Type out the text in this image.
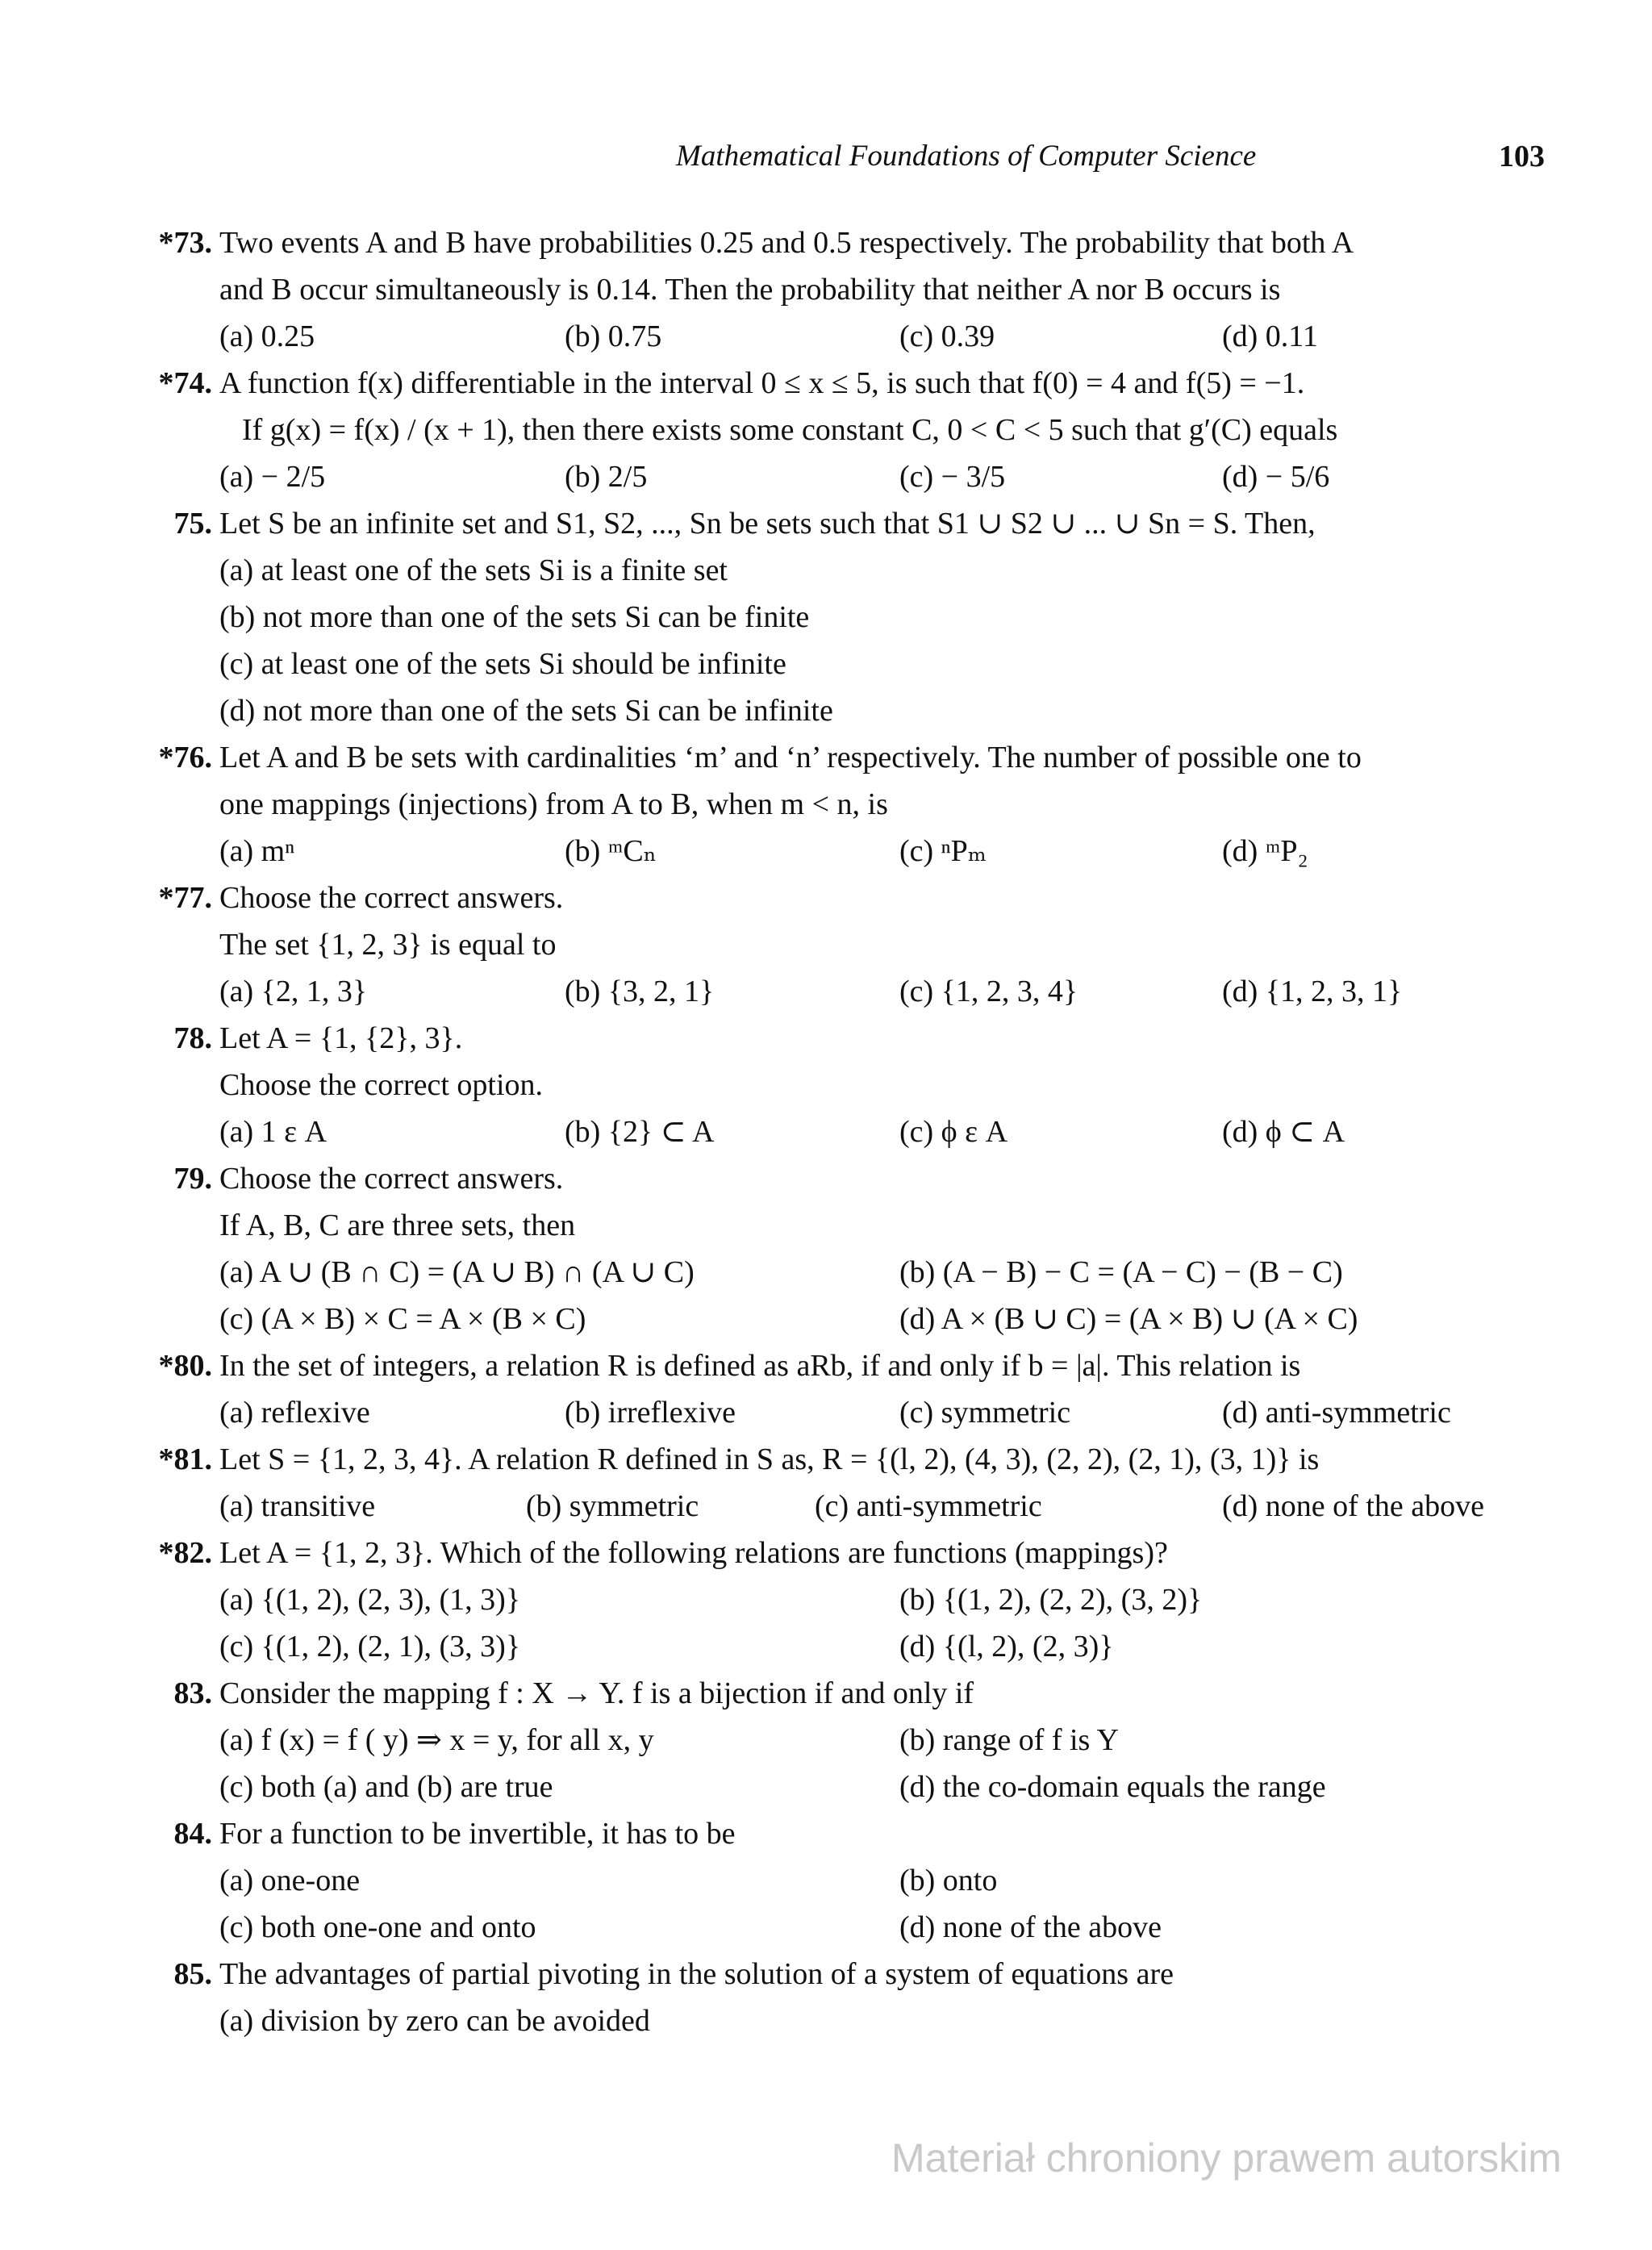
Mathematical Foundations of Computer Science	103
*73. Two events A and B have probabilities 0.25 and 0.5 respectively. The probability that both A
and B occur simultaneously is 0.14. Then the probability that neither A nor B occurs is
(a) 0.25	(b) 0.75	(c) 0.39	(d) 0.11
*74. A function f(x) differentiable in the interval 0 ≤ x ≤ 5, is such that f(0) = 4 and f(5) = −1.
If g(x) = f(x) / (x + 1), then there exists some constant C, 0 < C < 5 such that g′(C) equals
(a) − 2/5	(b) 2/5	(c) − 3/5	(d) − 5/6
75. Let S be an infinite set and S1, S2, ..., Sn be sets such that S1 ∪ S2 ∪ ... ∪ Sn = S. Then,
(a) at least one of the sets Si is a finite set
(b) not more than one of the sets Si can be finite
(c) at least one of the sets Si should be infinite
(d) not more than one of the sets Si can be infinite
*76. Let A and B be sets with cardinalities ‘m’ and ‘n’ respectively. The number of possible one to
one mappings (injections) from A to B, when m < n, is
(a) mⁿ	(b) ᵐCₙ	(c) ⁿPₘ	(d) ᵐP₂
*77. Choose the correct answers.
The set {1, 2, 3} is equal to
(a) {2, 1, 3}	(b) {3, 2, 1}	(c) {1, 2, 3, 4}	(d) {1, 2, 3, 1}
78. Let A = {1, {2}, 3}.
Choose the correct option.
(a) 1 ε A	(b) {2} ⊂ A	(c) ϕ ε A	(d) ϕ ⊂ A
79. Choose the correct answers.
If A, B, C are three sets, then
(a) A ∪ (B ∩ C) = (A ∪ B) ∩ (A ∪ C)	(b) (A − B) − C = (A − C) − (B − C)
(c) (A × B) × C = A × (B × C)	(d) A × (B ∪ C) = (A × B) ∪ (A × C)
*80. In the set of integers, a relation R is defined as aRb, if and only if b = |a|. This relation is
(a) reflexive	(b) irreflexive	(c) symmetric	(d) anti-symmetric
*81. Let S = {1, 2, 3, 4}. A relation R defined in S as, R = {(l, 2), (4, 3), (2, 2), (2, 1), (3, 1)} is
(a) transitive	(b) symmetric	(c) anti-symmetric	(d) none of the above
*82. Let A = {1, 2, 3}. Which of the following relations are functions (mappings)?
(a) {(1, 2), (2, 3), (1, 3)}	(b) {(1, 2), (2, 2), (3, 2)}
(c) {(1, 2), (2, 1), (3, 3)}	(d) {(l, 2), (2, 3)}
83. Consider the mapping f : X → Y. f is a bijection if and only if
(a) f (x) = f ( y) ⇒ x = y, for all x, y	(b) range of f is Y
(c) both (a) and (b) are true	(d) the co-domain equals the range
84. For a function to be invertible, it has to be
(a) one-one	(b) onto
(c) both one-one and onto	(d) none of the above
85. The advantages of partial pivoting in the solution of a system of equations are
(a) division by zero can be avoided
Materiał chroniony prawem autorskim
